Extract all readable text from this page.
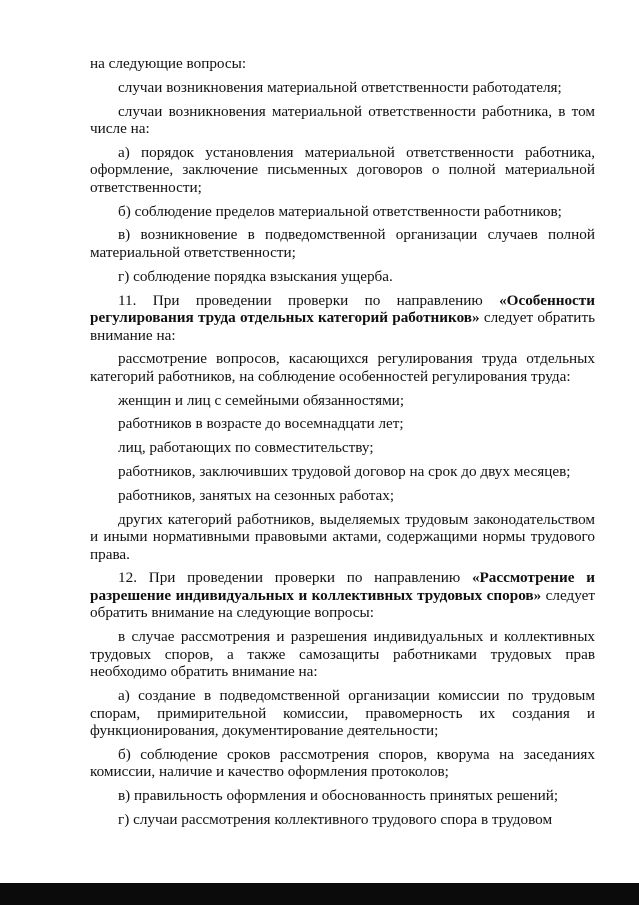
на следующие вопросы:

случаи возникновения материальной ответственности работодателя;

случаи возникновения материальной ответственности работника, в том числе на:

а) порядок установления материальной ответственности работника, оформление, заключение письменных договоров о полной материальной ответственности;

б) соблюдение пределов материальной ответственности работников;

в) возникновение в подведомственной организации случаев полной материальной ответственности;

г) соблюдение порядка взыскания ущерба.

11. При проведении проверки по направлению «Особенности регулирования труда отдельных категорий работников» следует обратить внимание на:

рассмотрение вопросов, касающихся регулирования труда отдельных категорий работников, на соблюдение особенностей регулирования труда:

женщин и лиц с семейными обязанностями;

работников в возрасте до восемнадцати лет;

лиц, работающих по совместительству;

работников, заключивших трудовой договор на срок до двух месяцев;

работников, занятых на сезонных работах;

других категорий работников, выделяемых трудовым законодательством и иными нормативными правовыми актами, содержащими нормы трудового права.

12. При проведении проверки по направлению «Рассмотрение и разрешение индивидуальных и коллективных трудовых споров» следует обратить внимание на следующие вопросы:

в случае рассмотрения и разрешения индивидуальных и коллективных трудовых споров, а также самозащиты работниками трудовых прав необходимо обратить внимание на:

а) создание в подведомственной организации комиссии по трудовым спорам, примирительной комиссии, правомерность их создания и функционирования, документирование деятельности;

б) соблюдение сроков рассмотрения споров, кворума на заседаниях комиссии, наличие и качество оформления протоколов;

в) правильность оформления и обоснованность принятых решений;

г) случаи рассмотрения коллективного трудового спора в трудовом
